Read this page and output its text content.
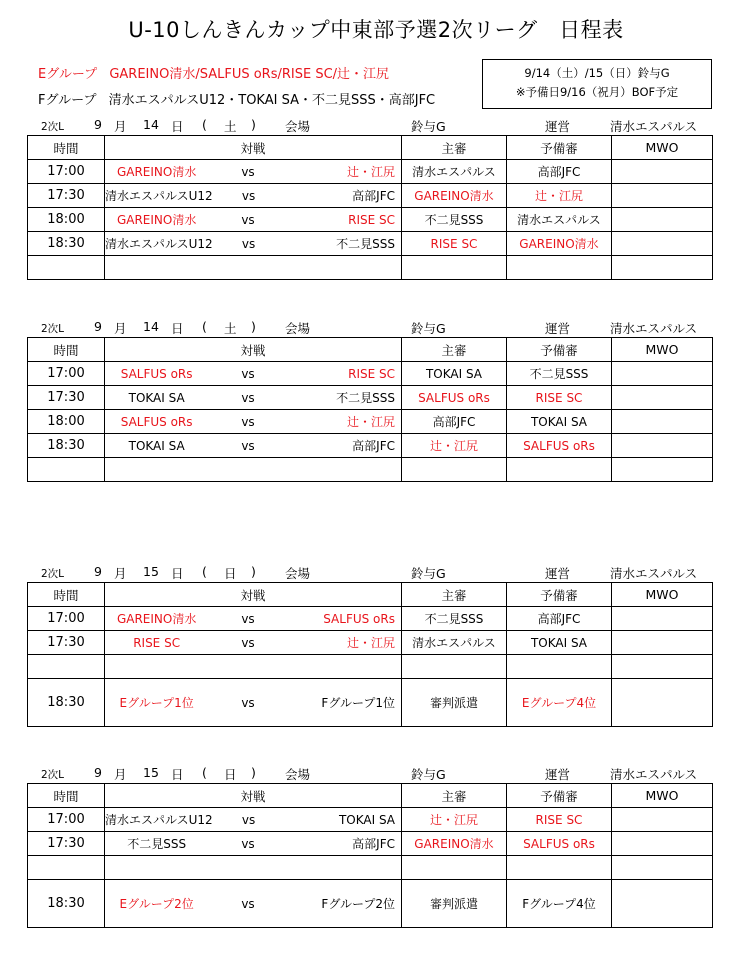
U-10しんきんカップ中東部予選2次リーグ　日程表
Eグループ GAREINO清水/SALFUS oRs/RISE SC/辻・江尻
Fグループ 清水エスパルスU12・TOKAI SA・不二見SSS・高部JFC
9/14（土）/15（日）鈴与G
※予備日9/16（祝月）BOF予定
2次L 9 月 14 日 ( 土 ) 会場	鈴与G	運営	清水エスパルス
時間	対戦	主審	予備審	MWO
17:00	GAREINO清水 vs 辻・江尻	清水エスパルス	高部JFC	
17:30	清水エスパルスU12 vs 高部JFC	GAREINO清水	辻・江尻	
18:00	GAREINO清水 vs RISE SC	不二見SSS	清水エスパルス	
18:30	清水エスパルスU12 vs 不二見SSS	RISE SC	GAREINO清水	

2次L 9 月 14 日 ( 土 ) 会場	鈴与G	運営	清水エスパルス
時間	対戦	主審	予備審	MWO
17:00	SALFUS oRs vs RISE SC	TOKAI SA	不二見SSS	
17:30	TOKAI SA vs 不二見SSS	SALFUS oRs	RISE SC	
18:00	SALFUS oRs vs 辻・江尻	高部JFC	TOKAI SA	
18:30	TOKAI SA vs 高部JFC	辻・江尻	SALFUS oRs	

2次L 9 月 15 日 ( 日 ) 会場	鈴与G	運営	清水エスパルス
時間	対戦	主審	予備審	MWO
17:00	GAREINO清水 vs SALFUS oRs	不二見SSS	高部JFC	
17:30	RISE SC vs 辻・江尻	清水エスパルス	TOKAI SA	

18:30	Eグループ1位 vs Fグループ1位	審判派遣	Eグループ4位	
2次L 9 月 15 日 ( 日 ) 会場	鈴与G	運営	清水エスパルス
時間	対戦	主審	予備審	MWO
17:00	清水エスパルスU12 vs TOKAI SA	辻・江尻	RISE SC	
17:30	不二見SSS vs 高部JFC	GAREINO清水	SALFUS oRs	

18:30	Eグループ2位 vs Fグループ2位	審判派遣	Fグループ4位	
